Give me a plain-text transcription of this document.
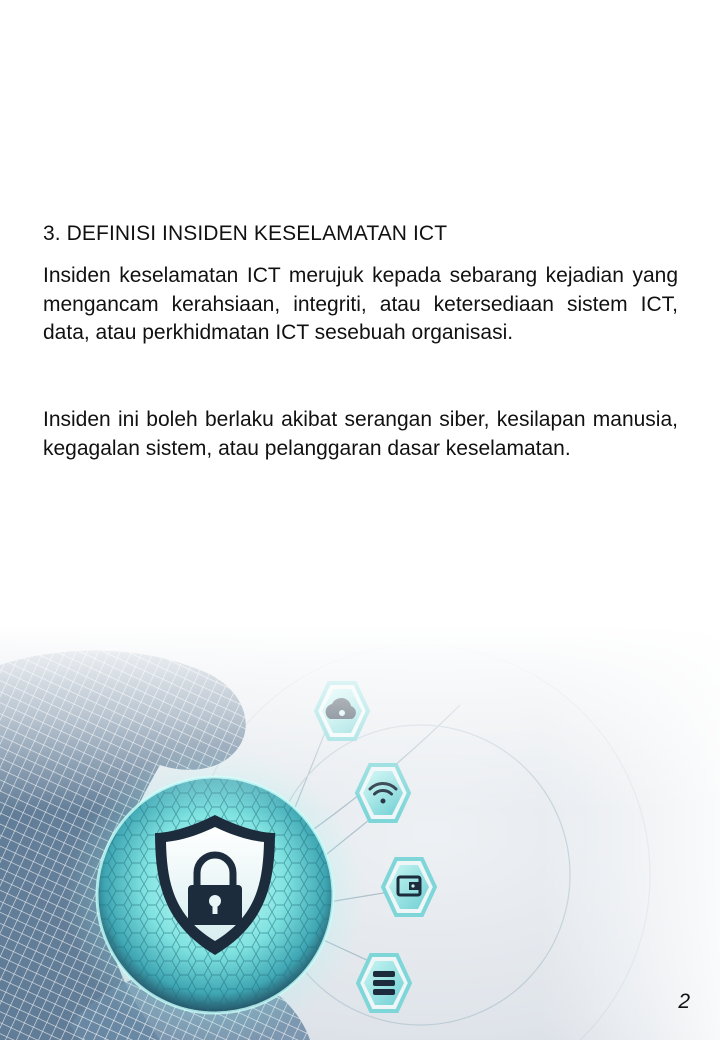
3. DEFINISI INSIDEN KESELAMATAN ICT

Insiden keselamatan ICT merujuk kepada sebarang kejadian yang mengancam kerahsiaan, integriti, atau ketersediaan sistem ICT, data, atau perkhidmatan ICT sesebuah organisasi.

Insiden ini boleh berlaku akibat serangan siber, kesilapan manusia, kegagalan sistem, atau pelanggaran dasar keselamatan.

2
